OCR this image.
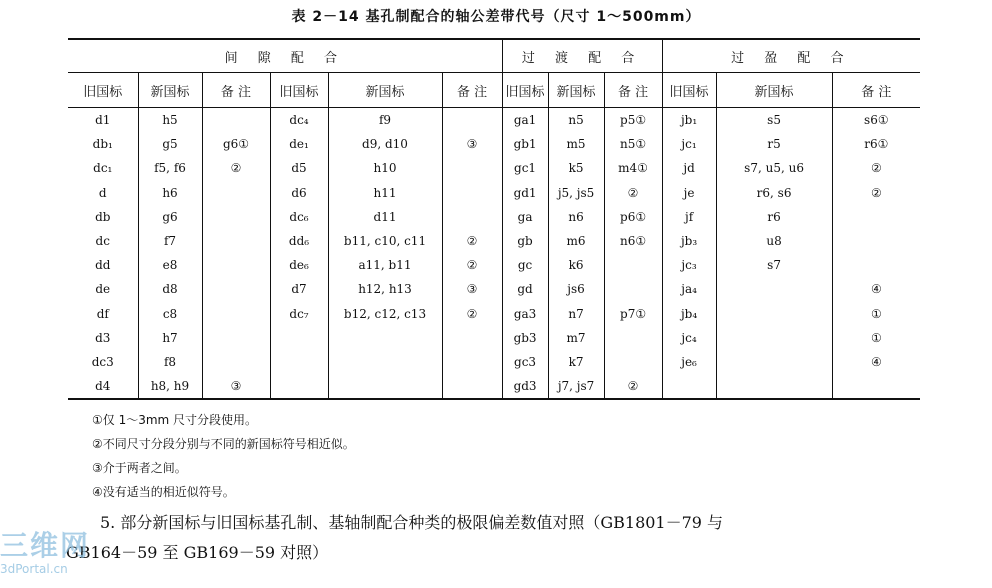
表 2－14 基孔制配合的轴公差带代号（尺寸 1～500mm）
间 隙 配 合						过 渡 配 合			过 盈 配 合		
旧国标	新国标	备 注	旧国标	新国标	备 注	旧国标	新国标	备 注	旧国标	新国标	备 注
d1	h5		dc₄	f9		ga1	n5	p5①	jb₁	s5	s6①
db₁	g5	g6①	de₁	d9, d10	③	gb1	m5	n5①	jc₁	r5	r6①
dc₁	f5, f6	②	d5	h10		gc1	k5	m4①	jd	s7, u5, u6	②
d	h6		d6	h11		gd1	j5, js5	②	je	r6, s6	②
db	g6		dc₆	d11		ga	n6	p6①	jf	r6	
dc	f7		dd₆	b11, c10, c11	②	gb	m6	n6①	jb₃	u8	
dd	e8		de₆	a11, b11	②	gc	k6		jc₃	s7	
de	d8		d7	h12, h13	③	gd	js6		ja₄		④
df	c8		dc₇	b12, c12, c13	②	ga3	n7	p7①	jb₄		①
d3	h7					gb3	m7		jc₄		①
dc3	f8					gc3	k7		je₆		④
d4	h8, h9	③				gd3	j7, js7	②			
①仅 1～3mm 尺寸分段使用。
②不同尺寸分段分别与不同的新国标符号相近似。
③介于两者之间。
④没有适当的相近似符号。
5. 部分新国标与旧国标基孔制、基轴制配合种类的极限偏差数值对照（GB1801－79 与
GB164－59 至 GB169－59 对照）
三维网
3dPortal.cn
